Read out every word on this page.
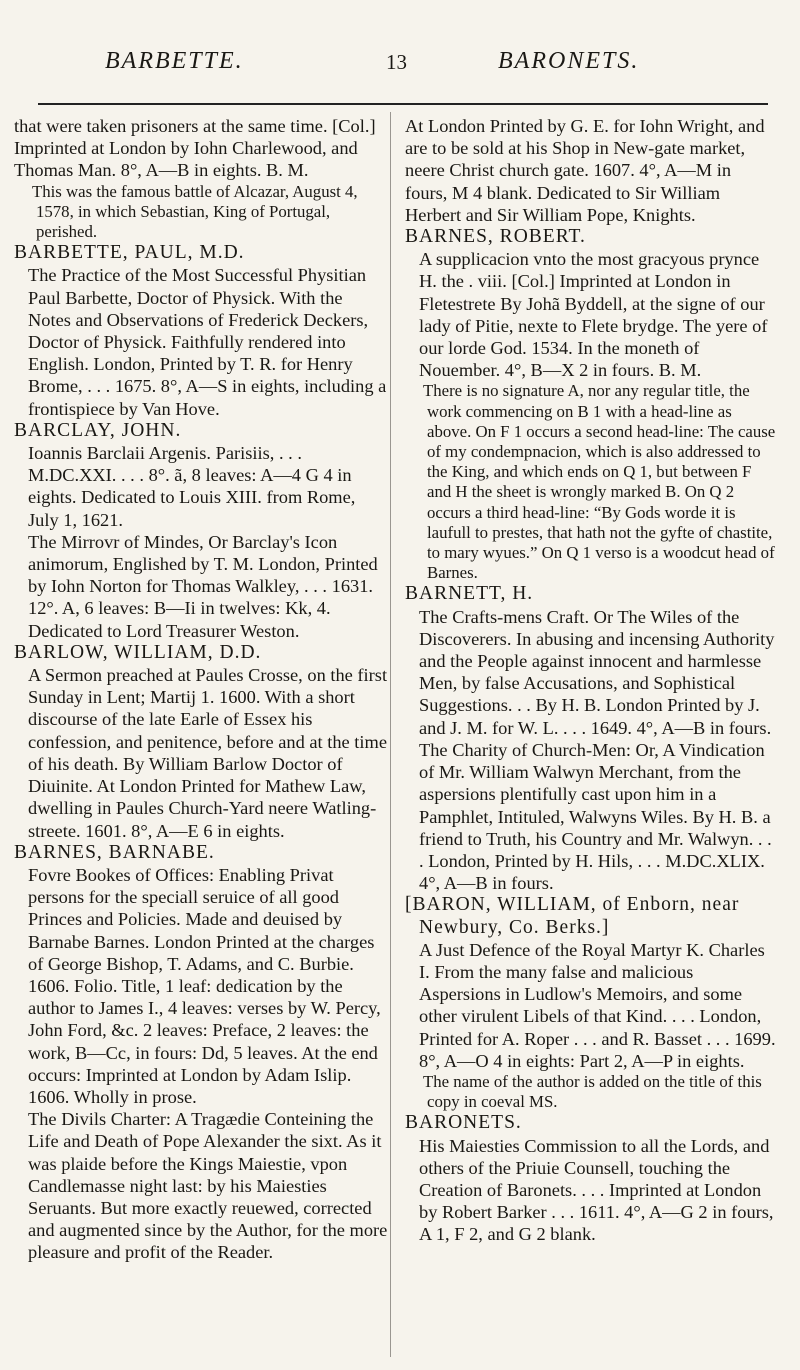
BARBETTE.	13	BARONETS.

that were taken prisoners at the same time. [Col.] Imprinted at London by Iohn Charlewood, and Thomas Man. 8°, A—B in eights. B. M.

This was the famous battle of Alcazar, August 4, 1578, in which Sebastian, King of Portugal, perished.

BARBETTE, PAUL, M.D.

The Practice of the Most Successful Physitian Paul Barbette, Doctor of Physick. With the Notes and Observations of Frederick Deckers, Doctor of Physick. Faithfully rendered into English. London, Printed by T. R. for Henry Brome, . . . 1675. 8°, A—S in eights, including a frontispiece by Van Hove.

BARCLAY, JOHN.

Ioannis Barclaii Argenis. Parisiis, . . . M.DC.XXI. . . . 8°. ã, 8 leaves: A—4 G 4 in eights. Dedicated to Louis XIII. from Rome, July 1, 1621.

The Mirrovr of Mindes, Or Barclay's Icon animorum, Englished by T. M. London, Printed by Iohn Norton for Thomas Walkley, . . . 1631. 12°. A, 6 leaves: B—Ii in twelves: Kk, 4. Dedicated to Lord Treasurer Weston.

BARLOW, WILLIAM, D.D.

A Sermon preached at Paules Crosse, on the first Sunday in Lent; Martij 1. 1600. With a short discourse of the late Earle of Essex his confession, and penitence, before and at the time of his death. By William Barlow Doctor of Diuinite. At London Printed for Mathew Law, dwelling in Paules Church-Yard neere Watling-streete. 1601. 8°, A—E 6 in eights.

BARNES, BARNABE.

Fovre Bookes of Offices: Enabling Privat persons for the speciall seruice of all good Princes and Policies. Made and deuised by Barnabe Barnes. London Printed at the charges of George Bishop, T. Adams, and C. Burbie. 1606. Folio. Title, 1 leaf: dedication by the author to James I., 4 leaves: verses by W. Percy, John Ford, &c. 2 leaves: Preface, 2 leaves: the work, B—Cc, in fours: Dd, 5 leaves. At the end occurs: Imprinted at London by Adam Islip. 1606. Wholly in prose.

The Divils Charter: A Tragædie Conteining the Life and Death of Pope Alexander the sixt. As it was plaide before the Kings Maiestie, vpon Candlemasse night last: by his Maiesties Seruants. But more exactly reuewed, corrected and augmented since by the Author, for the more pleasure and profit of the Reader.

At London Printed by G. E. for Iohn Wright, and are to be sold at his Shop in New-gate market, neere Christ church gate. 1607. 4°, A—M in fours, M 4 blank. Dedicated to Sir William Herbert and Sir William Pope, Knights.

BARNES, ROBERT.

A supplicacion vnto the most gracyous prynce H. the . viii. [Col.] Imprinted at London in Fletestrete By Johã Byddell, at the signe of our lady of Pitie, nexte to Flete brydge. The yere of our lorde God. 1534. In the moneth of Nouember. 4°, B—X 2 in fours. B. M.

There is no signature A, nor any regular title, the work commencing on B 1 with a head-line as above. On F 1 occurs a second head-line: The cause of my condempnacion, which is also addressed to the King, and which ends on Q 1, but between F and H the sheet is wrongly marked B. On Q 2 occurs a third head-line: “By Gods worde it is laufull to prestes, that hath not the gyfte of chastite, to mary wyues.” On Q 1 verso is a woodcut head of Barnes.

BARNETT, H.

The Crafts-mens Craft. Or The Wiles of the Discoverers. In abusing and incensing Authority and the People against innocent and harmlesse Men, by false Accusations, and Sophistical Suggestions. . . By H. B. London Printed by J. and J. M. for W. L. . . . 1649. 4°, A—B in fours.

The Charity of Church-Men: Or, A Vindication of Mr. William Walwyn Merchant, from the aspersions plentifully cast upon him in a Pamphlet, Intituled, Walwyns Wiles. By H. B. a friend to Truth, his Country and Mr. Walwyn. . . . London, Printed by H. Hils, . . . M.DC.XLIX. 4°, A—B in fours.

[BARON, WILLIAM, of Enborn, near Newbury, Co. Berks.]

A Just Defence of the Royal Martyr K. Charles I. From the many false and malicious Aspersions in Ludlow's Memoirs, and some other virulent Libels of that Kind. . . . London, Printed for A. Roper . . . and R. Basset . . . 1699. 8°, A—O 4 in eights: Part 2, A—P in eights.

The name of the author is added on the title of this copy in coeval MS.

BARONETS.

His Maiesties Commission to all the Lords, and others of the Priuie Counsell, touching the Creation of Baronets. . . . Imprinted at London by Robert Barker . . . 1611. 4°, A—G 2 in fours, A 1, F 2, and G 2 blank.
